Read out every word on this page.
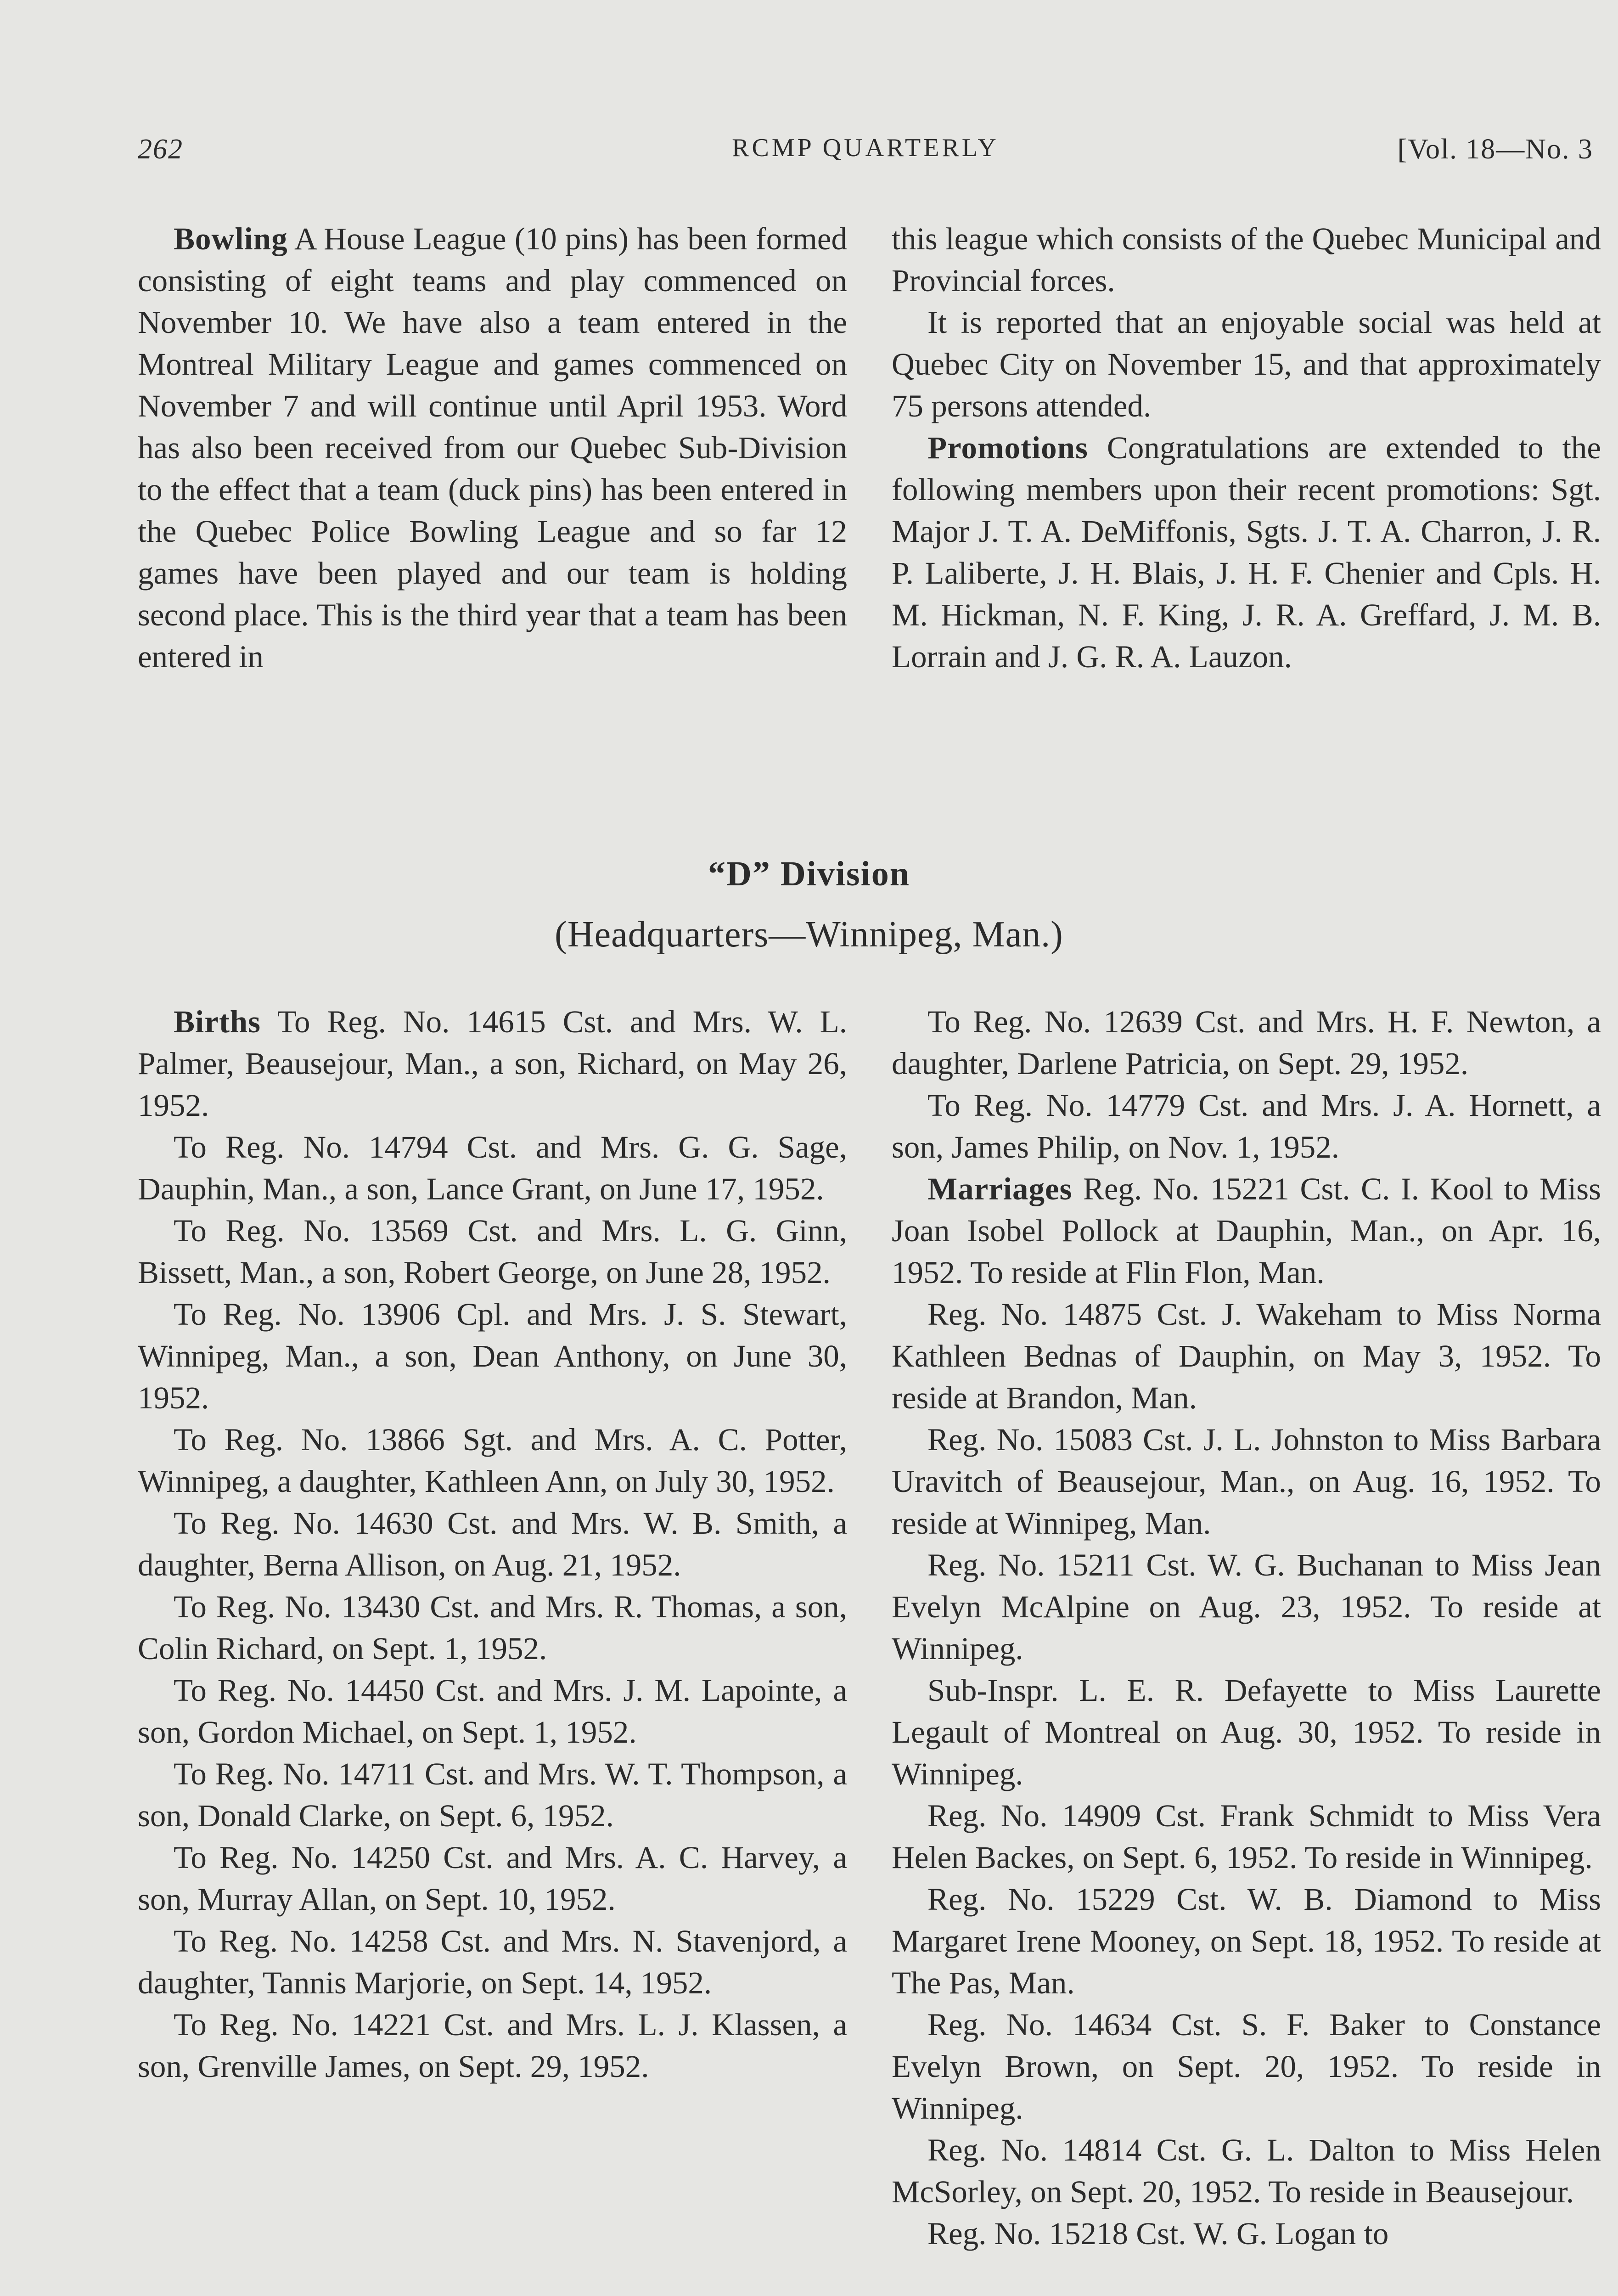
262	RCMP QUARTERLY	[Vol. 18—No. 3

Bowling A House League (10 pins) has been formed consisting of eight teams and play commenced on November 10. We have also a team entered in the Montreal Military League and games commenced on November 7 and will continue until April 1953. Word has also been received from our Quebec Sub-Division to the effect that a team (duck pins) has been entered in the Quebec Police Bowling League and so far 12 games have been played and our team is holding second place. This is the third year that a team has been entered in

this league which consists of the Quebec Municipal and Provincial forces.

It is reported that an enjoyable social was held at Quebec City on November 15, and that approximately 75 persons attended.

Promotions Congratulations are extended to the following members upon their recent promotions: Sgt. Major J. T. A. DeMiffonis, Sgts. J. T. A. Charron, J. R. P. Laliberte, J. H. Blais, J. H. F. Chenier and Cpls. H. M. Hickman, N. F. King, J. R. A. Greffard, J. M. B. Lorrain and J. G. R. A. Lauzon.

“D” Division
(Headquarters—Winnipeg, Man.)

Births To Reg. No. 14615 Cst. and Mrs. W. L. Palmer, Beausejour, Man., a son, Richard, on May 26, 1952.

To Reg. No. 14794 Cst. and Mrs. G. G. Sage, Dauphin, Man., a son, Lance Grant, on June 17, 1952.

To Reg. No. 13569 Cst. and Mrs. L. G. Ginn, Bissett, Man., a son, Robert George, on June 28, 1952.

To Reg. No. 13906 Cpl. and Mrs. J. S. Stewart, Winnipeg, Man., a son, Dean Anthony, on June 30, 1952.

To Reg. No. 13866 Sgt. and Mrs. A. C. Potter, Winnipeg, a daughter, Kathleen Ann, on July 30, 1952.

To Reg. No. 14630 Cst. and Mrs. W. B. Smith, a daughter, Berna Allison, on Aug. 21, 1952.

To Reg. No. 13430 Cst. and Mrs. R. Thomas, a son, Colin Richard, on Sept. 1, 1952.

To Reg. No. 14450 Cst. and Mrs. J. M. Lapointe, a son, Gordon Michael, on Sept. 1, 1952.

To Reg. No. 14711 Cst. and Mrs. W. T. Thompson, a son, Donald Clarke, on Sept. 6, 1952.

To Reg. No. 14250 Cst. and Mrs. A. C. Harvey, a son, Murray Allan, on Sept. 10, 1952.

To Reg. No. 14258 Cst. and Mrs. N. Stavenjord, a daughter, Tannis Marjorie, on Sept. 14, 1952.

To Reg. No. 14221 Cst. and Mrs. L. J. Klassen, a son, Grenville James, on Sept. 29, 1952.

To Reg. No. 12639 Cst. and Mrs. H. F. Newton, a daughter, Darlene Patricia, on Sept. 29, 1952.

To Reg. No. 14779 Cst. and Mrs. J. A. Hornett, a son, James Philip, on Nov. 1, 1952.

Marriages Reg. No. 15221 Cst. C. I. Kool to Miss Joan Isobel Pollock at Dauphin, Man., on Apr. 16, 1952. To reside at Flin Flon, Man.

Reg. No. 14875 Cst. J. Wakeham to Miss Norma Kathleen Bednas of Dauphin, on May 3, 1952. To reside at Brandon, Man.

Reg. No. 15083 Cst. J. L. Johnston to Miss Barbara Uravitch of Beausejour, Man., on Aug. 16, 1952. To reside at Winnipeg, Man.

Reg. No. 15211 Cst. W. G. Buchanan to Miss Jean Evelyn McAlpine on Aug. 23, 1952. To reside at Winnipeg.

Sub-Inspr. L. E. R. Defayette to Miss Laurette Legault of Montreal on Aug. 30, 1952. To reside in Winnipeg.

Reg. No. 14909 Cst. Frank Schmidt to Miss Vera Helen Backes, on Sept. 6, 1952. To reside in Winnipeg.

Reg. No. 15229 Cst. W. B. Diamond to Miss Margaret Irene Mooney, on Sept. 18, 1952. To reside at The Pas, Man.

Reg. No. 14634 Cst. S. F. Baker to Constance Evelyn Brown, on Sept. 20, 1952. To reside in Winnipeg.

Reg. No. 14814 Cst. G. L. Dalton to Miss Helen McSorley, on Sept. 20, 1952. To reside in Beausejour.

Reg. No. 15218 Cst. W. G. Logan to
